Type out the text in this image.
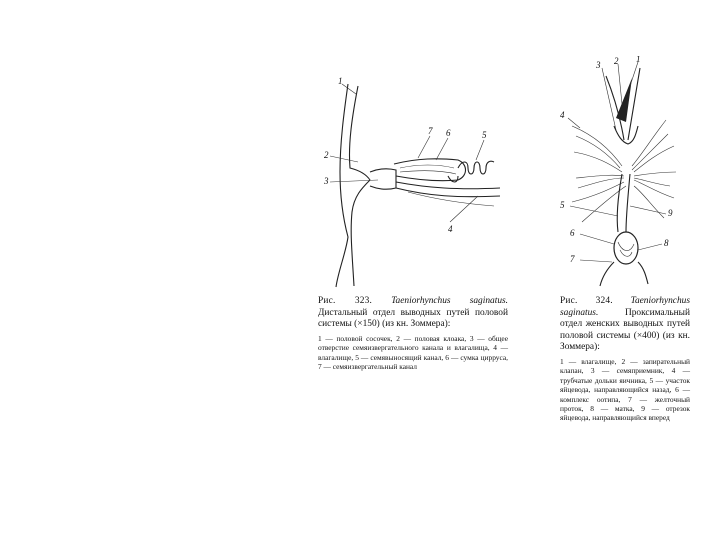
1
2
3
4
5
6
7
1
2
3
4
5
6
7
8
9
Рис. 323. Taeniorhynchus saginatus. Дистальный отдел выводных путей половой системы (×150) (из кн. Зоммера):
1 — половой сосочек, 2 — половая клоака, 3 — общее отверстие семяизвергательного канала и влагалища, 4 — влагалище, 5 — семявыносящий канал, 6 — сумка цирруса, 7 — семяизвергательный канал
Рис. 324. Taeniorhynchus saginatus.	Проксимальный отдел женских выводных путей половой системы (×400) (из кн. Зоммера):
1 — влагалище, 2 — запирательный клапан, 3 — семяприемник, 4 — трубчатые дольки яичника, 5 — участок яйцевода, направляющийся назад, 6 — комплекс оотипа, 7 — желточный проток, 8 — матка, 9 — отрезок яйцевода, направляющийся вперед
